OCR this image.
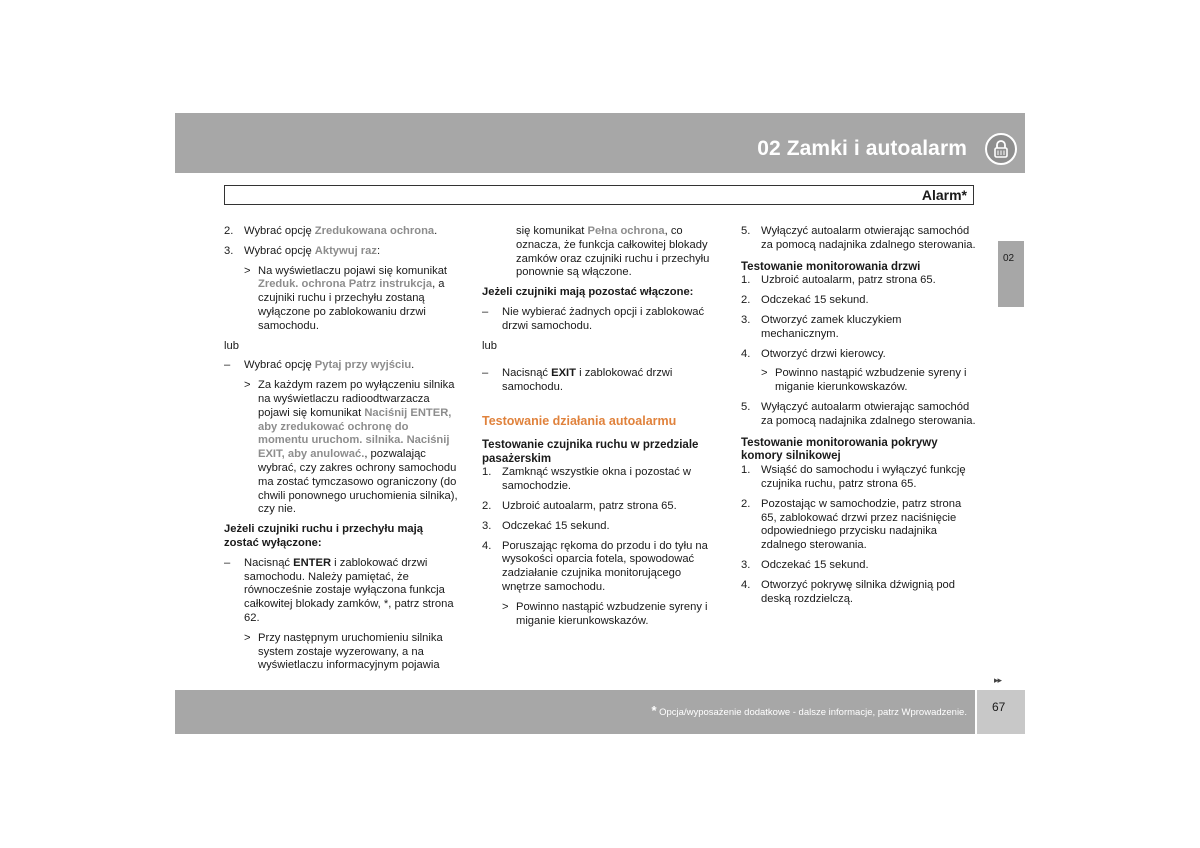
02 Zamki i autoalarm
Alarm*
02
2. Wybrać opcję Zredukowana ochrona.
3. Wybrać opcję Aktywuj raz:
> Na wyświetlaczu pojawi się komunikat Zreduk. ochrona Patrz instrukcja, a czujniki ruchu i przechyłu zostaną wyłączone po zablokowaniu drzwi samochodu.

lub

– Wybrać opcję Pytaj przy wyjściu.
> Za każdym razem po wyłączeniu silnika na wyświetlaczu radioodtwarzacza pojawi się komunikat Naciśnij ENTER, aby zredukować ochronę do momentu uruchom. silnika. Naciśnij EXIT, aby anulować., pozwalając wybrać, czy zakres ochrony samochodu ma zostać tymczasowo ograniczony (do chwili ponownego uruchomienia silnika), czy nie.

Jeżeli czujniki ruchu i przechyłu mają zostać wyłączone:

– Nacisnąć ENTER i zablokować drzwi samochodu. Należy pamiętać, że równocześnie zostaje wyłączona funkcja całkowitej blokady zamków, *, patrz strona 62.
> Przy następnym uruchomieniu silnika system zostaje wyzerowany, a na wyświetlaczu informacyjnym pojawia
się komunikat Pełna ochrona, co oznacza, że funkcja całkowitej blokady zamków oraz czujniki ruchu i przechyłu ponownie są włączone.

Jeżeli czujniki mają pozostać włączone:

– Nie wybierać żadnych opcji i zablokować drzwi samochodu.

lub

– Nacisnąć EXIT i zablokować drzwi samochodu.

Testowanie działania autoalarmu

Testowanie czujnika ruchu w przedziale pasażerskim

1. Zamknąć wszystkie okna i pozostać w samochodzie.
2. Uzbroić autoalarm, patrz strona 65.
3. Odczekać 15 sekund.
4. Poruszając rękoma do przodu i do tyłu na wysokości oparcia fotela, spowodować zadziałanie czujnika monitorującego wnętrze samochodu.
> Powinno nastąpić wzbudzenie syreny i miganie kierunkowskazów.
5. Wyłączyć autoalarm otwierając samochód za pomocą nadajnika zdalnego sterowania.

Testowanie monitorowania drzwi

1. Uzbroić autoalarm, patrz strona 65.
2. Odczekać 15 sekund.
3. Otworzyć zamek kluczykiem mechanicznym.
4. Otworzyć drzwi kierowcy.
> Powinno nastąpić wzbudzenie syreny i miganie kierunkowskazów.
5. Wyłączyć autoalarm otwierając samochód za pomocą nadajnika zdalnego sterowania.

Testowanie monitorowania pokrywy komory silnikowej

1. Wsiąść do samochodu i wyłączyć funkcję czujnika ruchu, patrz strona 65.
2. Pozostając w samochodzie, patrz strona 65, zablokować drzwi przez naciśnięcie odpowiedniego przycisku nadajnika zdalnego sterowania.
3. Odczekać 15 sekund.
4. Otworzyć pokrywę silnika dźwignią pod deską rozdzielczą.
▸▸
* Opcja/wyposażenie dodatkowe - dalsze informacje, patrz Wprowadzenie. 67
